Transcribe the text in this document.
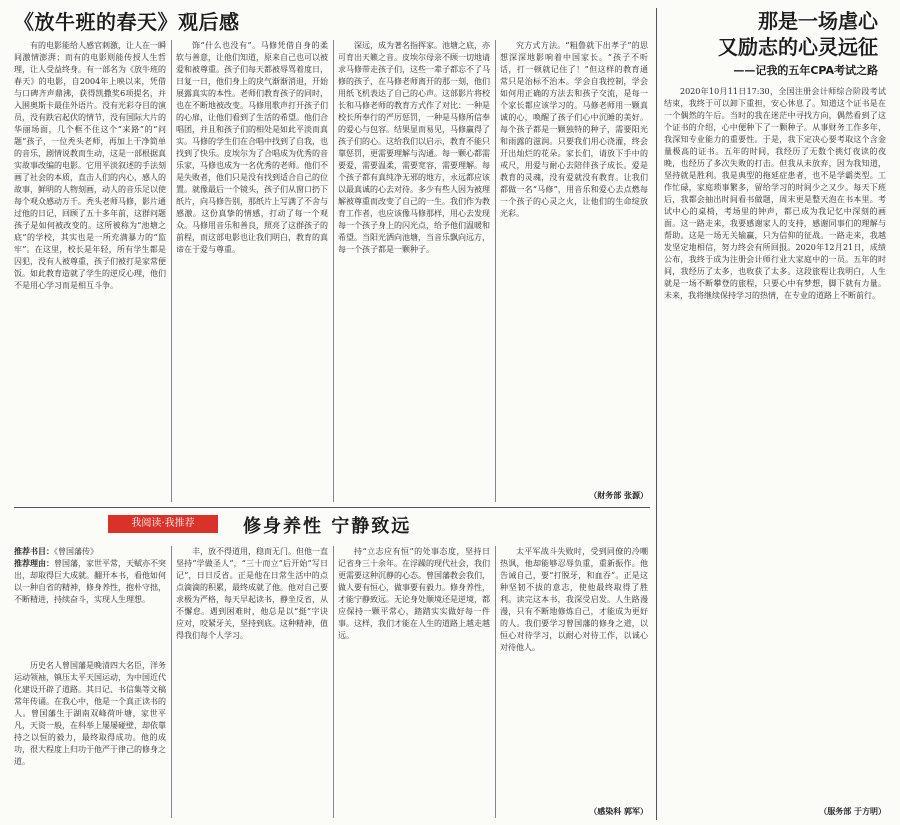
《放牛班的春天》观后感

有的电影能给人感官刺激，让人在一瞬间激情澎湃；而有的电影则能传授人生哲理，让人受益终身。有一部名为《放牛班的春天》的电影，自2004年上映以来，凭借与口碑齐声鼎沸，获得凯撒奖6项提名，并入围奥斯卡最佳外语片。没有光彩夺目的演员，没有跌宕起伏的情节，没有国际大片的华丽场面，几个框不住这个“来路”的“问题”孩子，一位秃头老师，再加上干净简单的音乐，剧情说教而生动，这是一部根据真实故事改编的电影。它用平淡叙述的手法刻画了社会的本质，直击人们的内心，感人的故事，鲜明的人物刻画，动人的音乐足以使每个观众感动万千。秃头老师马修，影片通过他的日记，回顾了五十多年前，这群问题孩子是如何被改变的。这所被称为“池塘之底”的学校，其实也是一所充满暴力的“监牢”。在这里，校长是年轻，所有学生都是囚犯，没有人被尊重，孩子们被打是家常便饭。如此教育造就了学生的逆反心理，他们不是用心学习而是相互斗争。

饰“什么也没有”。马修凭借自身的柔软与善意，让他们知道，原来自己也可以被爱和被尊重。孩子们每天都被辱骂着度日，日复一日，他们身上的戾气渐渐消退，开始展露真实的本性。老师们教育孩子的同时，也在不断地被改变。马修用歌声打开孩子们的心扉，让他们看到了生活的希望。他们合唱团，并且和孩子们的相处是如此平淡而真实。马修的学生们在合唱中找到了自我，也找到了快乐。皮埃尔为了合唱成为优秀的音乐家，马修也成为一名优秀的老师。他们不是失败者，他们只是没有找到适合自己的位置。就像最后一个镜头，孩子们从窗口扔下纸片，向马修告别，那纸片上写满了不舍与感激。这份真挚的情感，打动了每一个观众。马修用音乐和善良，照亮了这群孩子的前程，而这部电影也让我们明白，教育的真谛在于爱与尊重。

深远，成为著名指挥家。池塘之底，亦可育出天籁之音。皮埃尔母亲不顾一切地请求马修带走孩子们，这些一辈子都忘不了马修的孩子，在马修老师离开的那一刻，他们用纸飞机表达了自己的心声。这部影片将校长和马修老师的教育方式作了对比：一种是校长所奉行的严厉惩罚，一种是马修所信奉的爱心与包容。结果显而易见，马修赢得了孩子们的心。这给我们以启示，教育不能只靠惩罚，更需要理解与沟通。每一颗心都需要爱，需要温柔，需要宽容，需要理解。每个孩子都有真纯净无邪的地方，永远都应该以最真诚的心去对待。多少有些人因为被理解被尊重而改变了自己的一生。我们作为教育工作者，也应该像马修那样，用心去发现每一个孩子身上的闪光点，给予他们温暖和希望。当阳光洒向池塘，当音乐飘向远方，每一个孩子都是一颗种子。

究方式方法。“粗鲁就下出孝子”的思想深深地影响着中国家长。“孩子不听话，打一顿就记住了！”但这样的教育通常只是治标不治本。学会自我控制，学会如何用正确的方法去和孩子交流，是每一个家长都应该学习的。马修老师用一颗真诚的心，唤醒了孩子们心中沉睡的美好。每个孩子都是一颗独特的种子，需要阳光和雨露的滋润。只要我们用心浇灌，终会开出灿烂的花朵。家长们，请放下手中的戒尺，用爱与耐心去陪伴孩子成长。爱是教育的灵魂，没有爱就没有教育。让我们都做一名“马修”，用音乐和爱心去点燃每一个孩子的心灵之火，让他们的生命绽放光彩。

（财务部 张源）
那是一场虐心
又励志的心灵远征
——记我的五年CPA考试之路

2020年10月11日17:30，全国注册会计师综合阶段考试结束，我终于可以卸下重担，安心休息了。知道这个证书是在一个偶然的午后。当时的我在迷茫中寻找方向，偶然看到了这个证书的介绍，心中便种下了一颗种子。从事财务工作多年，我深知专业能力的重要性。于是，我下定决心要考取这个含金量极高的证书。五年的时间，我经历了无数个挑灯夜读的夜晚，也经历了多次失败的打击。但我从未放弃，因为我知道，坚持就是胜利。我是典型的拖延症患者，也不是学霸类型。工作忙碌，家庭琐事繁多，留给学习的时间少之又少。每天下班后，我都会抽出时间看书做题，周末更是整天泡在书本里。考试中心的桌椅，考场里的钟声，都已成为我记忆中深刻的画面。这一路走来，我要感谢家人的支持，感谢同事们的理解与帮助。这是一场无关输赢，只为信仰的征战。一路走来，我越发坚定地相信，努力终会有所回报。2020年12月21日，成绩公布，我终于成为注册会计师行业大家庭中的一员。五年的时间，我经历了太多，也收获了太多。这段旅程让我明白，人生就是一场不断攀登的旅程，只要心中有梦想，脚下就有力量。未来，我将继续保持学习的热情，在专业的道路上不断前行。

（服务部 于方明）
我阅读·我推荐	修身养性 宁静致远
推荐书目：《曾国藩传》
推荐理由：曾国藩，家世平常，天赋亦不突出，却取得巨大成就。翻开本书，看他如何以一种自省的精神，修身养性，抱朴守拙，不断精进，持续奋斗，实现人生理想。

历史名人曾国藩是晚清四大名臣，洋务运动领袖，镇压太平天国运动，为中国近代化建设开辟了道路。其日记、书信集等文稿常年传诵。在我心中，他是一个真正读书的人。曾国藩生于湖南双峰荷叶塘，家世平凡，天资一般，在科举上屡屡碰壁，却依靠持之以恒的毅力，最终取得成功。他的成功，很大程度上归功于他严于律己的修身之道。

丰，放不得道用，稳而无门。但他一直坚持“学做圣人”，“三十而立”后开始“写日记”，日日反省。正是他在日常生活中的点点滴滴的积累，最终成就了他。他对自己要求极为严格，每天早起读书，静坐反省，从不懈怠。遇到困难时，他总是以“挺”字诀应对，咬紧牙关，坚持到底。这种精神，值得我们每个人学习。

持“立志应有恒”的处事态度，坚持日记省身三十余年。在浮躁的现代社会，我们更需要这种沉静的心态。曾国藩教会我们，做人要有恒心，做事要有毅力。修身养性，才能宁静致远。无论身处顺境还是逆境，都应保持一颗平常心，踏踏实实做好每一件事。这样，我们才能在人生的道路上越走越远。

太平军战斗失败时，受到同僚的冷嘲热讽，他却能够忍辱负重，重新振作。他告诫自己，要“打脱牙，和血吞”。正是这种坚韧不拔的意志，使他最终取得了胜利。读完这本书，我深受启发。人生路漫漫，只有不断地修炼自己，才能成为更好的人。我们要学习曾国藩的修身之道，以恒心对待学习，以耐心对待工作，以诚心对待他人。

（感染科 郭军）
